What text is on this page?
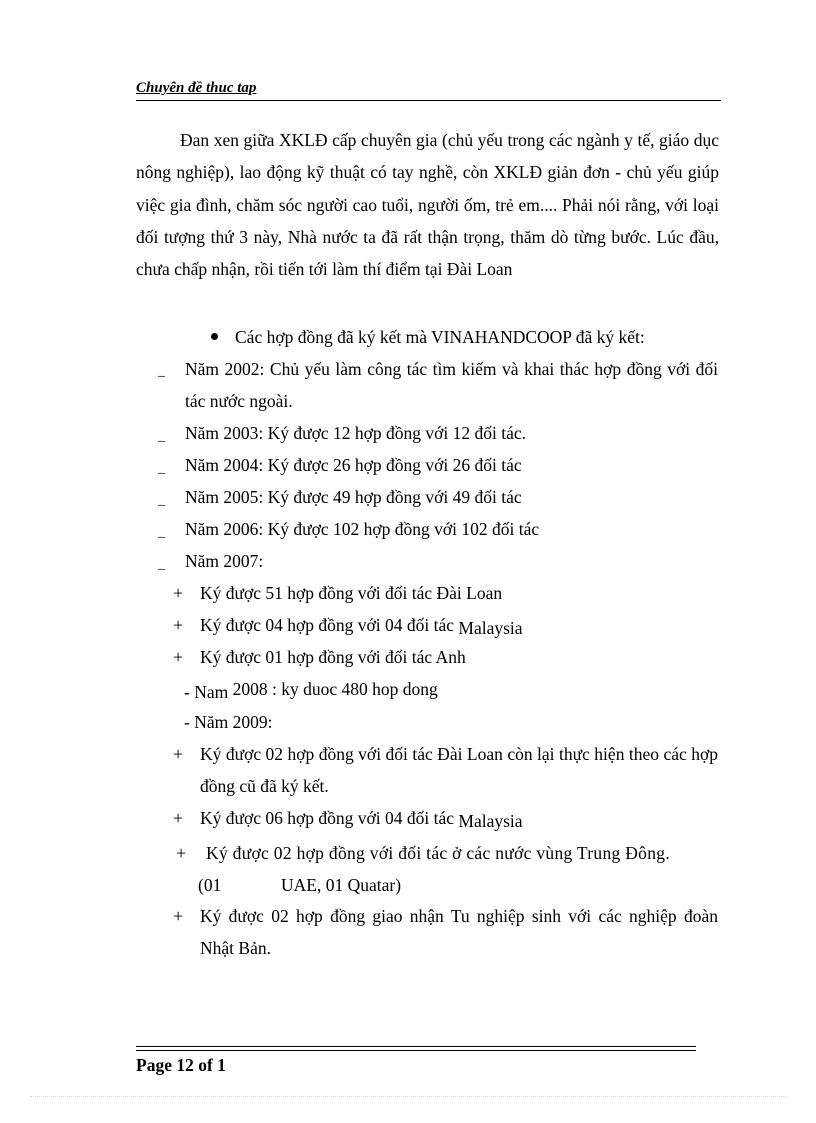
Chuyên đề thuc tap
Đan xen giữa XKLĐ cấp chuyên gia (chủ yếu trong các ngành y tế, giáo dục nông nghiệp), lao động kỹ thuật có tay nghề, còn XKLĐ giản đơn - chủ yếu giúp việc gia đình, chăm sóc người cao tuổi, người ốm, trẻ em.... Phải nói rằng, với loại đối tượng thứ 3 này, Nhà nước ta đã rất thận trọng, thăm dò từng bước. Lúc đầu, chưa chấp nhận, rồi tiến tới làm thí điểm tại Đài Loan
Các hợp đồng đã ký kết mà VINAHANDCOOP đã ký kết:
_ Năm 2002: Chủ yếu làm công tác tìm kiếm và khai thác hợp đồng với đối tác nước ngoài.
_ Năm 2003: Ký được 12 hợp đồng với 12 đối tác.
_ Năm 2004: Ký được 26 hợp đồng với 26 đối tác
_ Năm 2005: Ký được 49 hợp đồng với 49 đối tác
_ Năm 2006: Ký được 102 hợp đồng với 102 đối tác
_ Năm 2007:
+ Ký được 51 hợp đồng với đối tác Đài Loan
+ Ký được 04 hợp đồng với 04 đối tác Malaysia
+ Ký được 01 hợp đồng với đối tác Anh
- Nam 2008 : ky duoc 480 hop dong
- Năm 2009:
+ Ký được 02 hợp đồng với đối tác Đài Loan còn lại thực hiện theo các hợp đồng cũ đã ký kết.
+ Ký được 06 hợp đồng với 04 đối tác Malaysia
+ Ký được 02 hợp đồng với đối tác ở các nước vùng Trung Đông.
(01	UAE, 01 Quatar)
+ Ký được 02 hợp đồng giao nhận Tu nghiệp sinh với các nghiệp đoàn Nhật Bản.
Page 12 of 1
